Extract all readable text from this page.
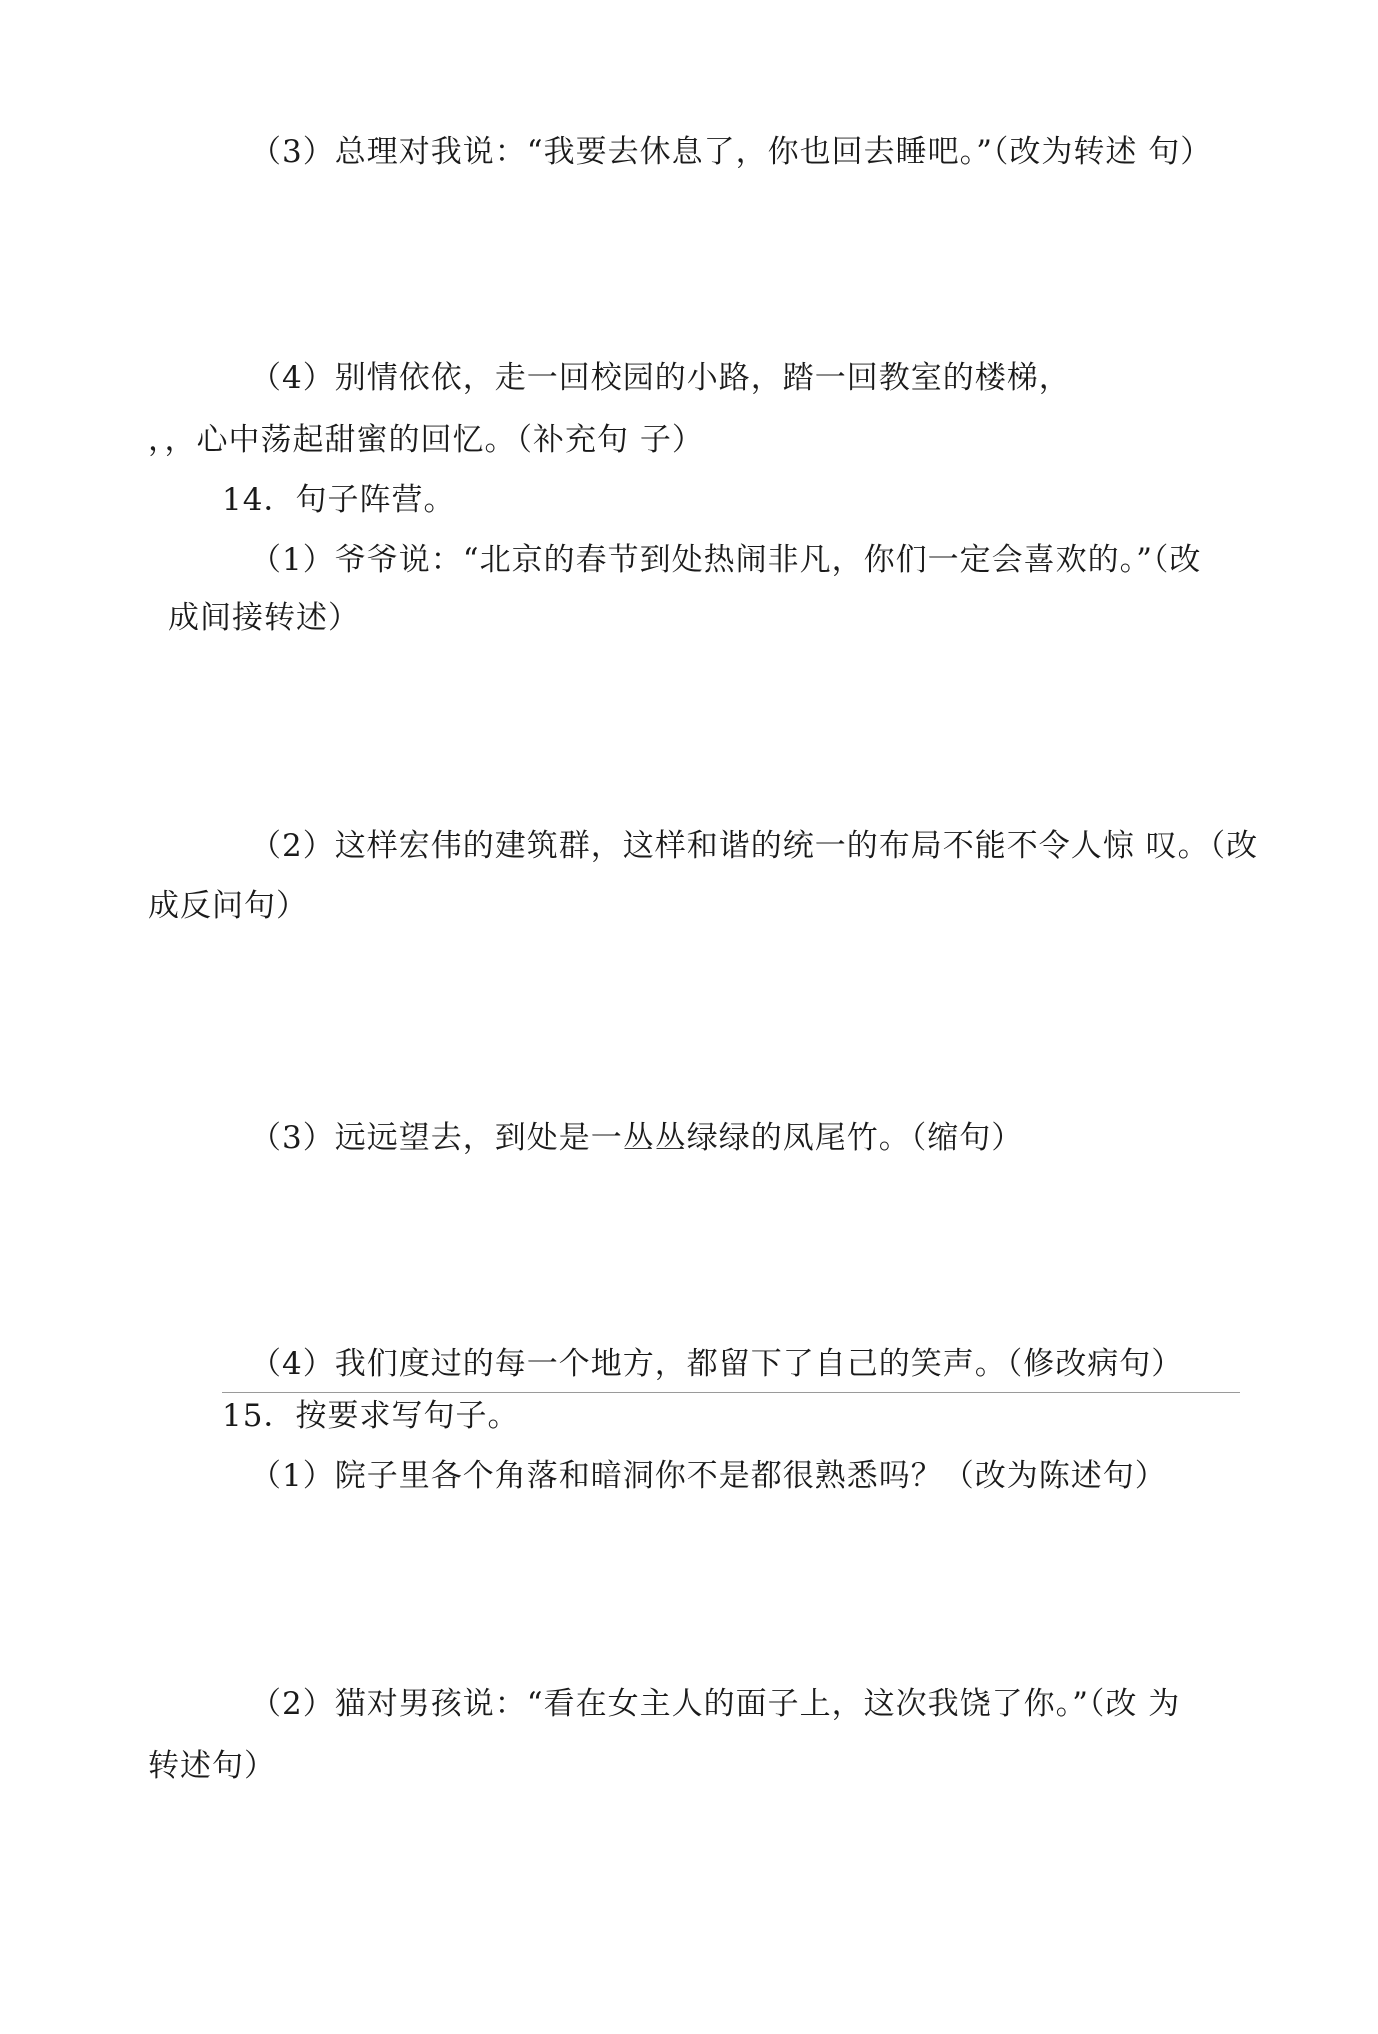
（3）总理对我说：“我要去休息了，你也回去睡吧。”（改为转述 句）
（4）别情依依，走一回校园的小路，踏一回教室的楼梯，
，，心中荡起甜蜜的回忆。（补充句 子）
14．句子阵营。
（1）爷爷说：“北京的春节到处热闹非凡，你们一定会喜欢的。”（改
成间接转述）
（2）这样宏伟的建筑群，这样和谐的统一的布局不能不令人惊 叹。（改
成反问句）
（3）远远望去，到处是一丛丛绿绿的凤尾竹。（缩句）
（4）我们度过的每一个地方，都留下了自己的笑声。（修改病句）
15．按要求写句子。
（1）院子里各个角落和暗洞你不是都很熟悉吗？（改为陈述句）
（2）猫对男孩说：“看在女主人的面子上，这次我饶了你。”（改 为
转述句）
